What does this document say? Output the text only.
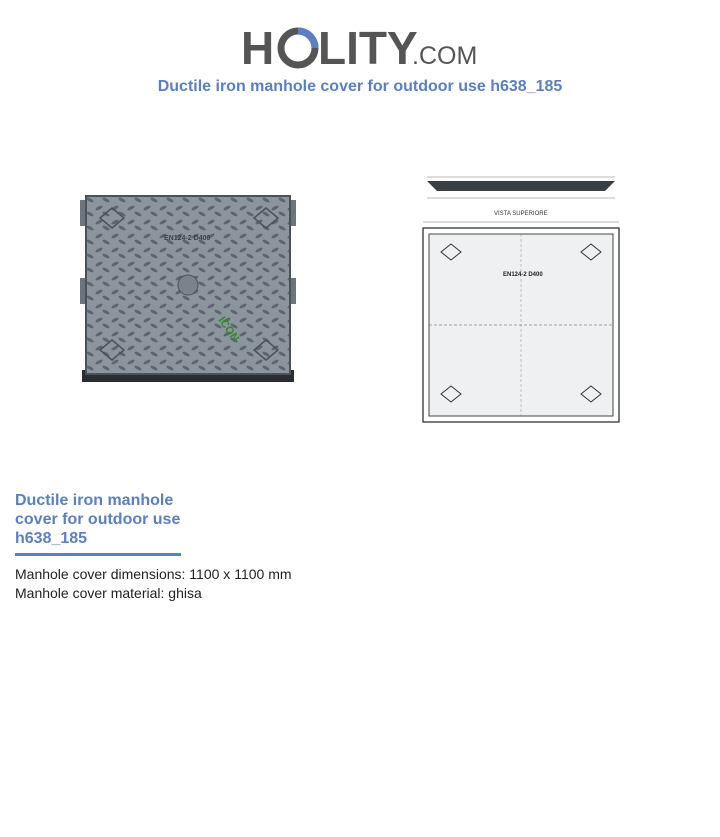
H LITY
.COM
Ductile iron manhole cover for outdoor use h638_185
EN124-2 D400
ICON
VISTA SUPERIORE
EN124-2 D400
Ductile iron manhole cover for outdoor use h638_185
Manhole cover dimensions: 1100 x 1100 mm
Manhole cover material: ghisa
